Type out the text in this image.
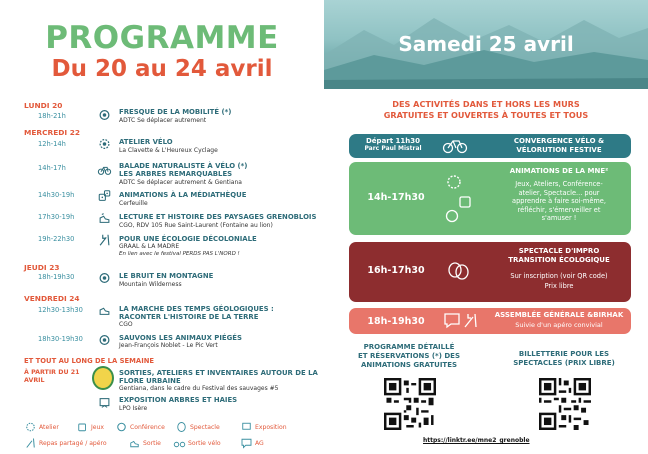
PROGRAMME
Du 20 au 24 avril
LUNDI 20
18h-21h	FRESQUE DE LA MOBILITÉ (*)
ADTC Se déplacer autrement
MERCREDI 22
12h-14h	ATELIER VÉLO
La Clavette & L'Heureux Cyclage
14h-17h	BALADE NATURALISTE À VÉLO (*)
LES ARBRES REMARQUABLES
ADTC Se déplacer autrement & Gentiana
14h30-19h	ANIMATIONS À LA MÉDIATHÈQUE
Cerfeuille
17h30-19h	LECTURE ET HISTOIRE DES PAYSAGES GRENOBLOIS
CGO, RDV 105 Rue Saint-Laurent (Fontaine au lion)
19h-22h30	POUR UNE ÉCOLOGIE DÉCOLONIALE
GRAAL & LA MADRE
En lien avec le festival PERDS PAS L'NORD !
JEUDI 23
18h-19h30	LE BRUIT EN MONTAGNE
Mountain Wilderness
VENDREDI 24
12h30-13h30	LA MARCHE DES TEMPS GÉOLOGIQUES :
RACONTER L'HISTOIRE DE LA TERRE
CGO
18h30-19h30	SAUVONS LES ANIMAUX PIÉGÉS
Jean-François Noblet - Le Pic Vert
ET TOUT AU LONG DE LA SEMAINE
À PARTIR DU 21 AVRIL
SORTIES, ATELIERS ET INVENTAIRES AUTOUR DE LA
FLORE URBAINE
Gentiana, dans le cadre du Festival des sauvages #5
EXPOSITION ARBRES ET HAIES
LPO Isère
Atelier	Jeux	Conférence	Spectacle	Exposition
Repas partagé / apéro	Sortie	Sortie vélo	AG
Samedi 25 avril
DES ACTIVITÉS DANS ET HORS LES MURS
GRATUITES ET OUVERTES À TOUTES ET TOUS
Départ 11h30
Parc Paul Mistral
CONVERGENCE VÉLO &
VÉLORUTION FESTIVE
14h-17h30
ANIMATIONS DE LA MNE²
Jeux, Ateliers, Conférence-
atelier, Spectacle... pour
apprendre à faire soi-même,
réfléchir, s'émerveiller et
s'amuser !
16h-17h30
SPECTACLE D'IMPRO
TRANSITION ÉCOLOGIQUE
Sur inscription (voir QR code)
Prix libre
18h-19h30
ASSEMBLÉE GÉNÉRALE &BIRHAK
Suivie d'un apéro convivial
PROGRAMME DÉTAILLÉ
ET RÉSERVATIONS (*) DES
ANIMATIONS GRATUITES
BILLETTERIE POUR LES
SPECTACLES (PRIX LIBRE)
https://linktr.ee/mne2_grenoble
